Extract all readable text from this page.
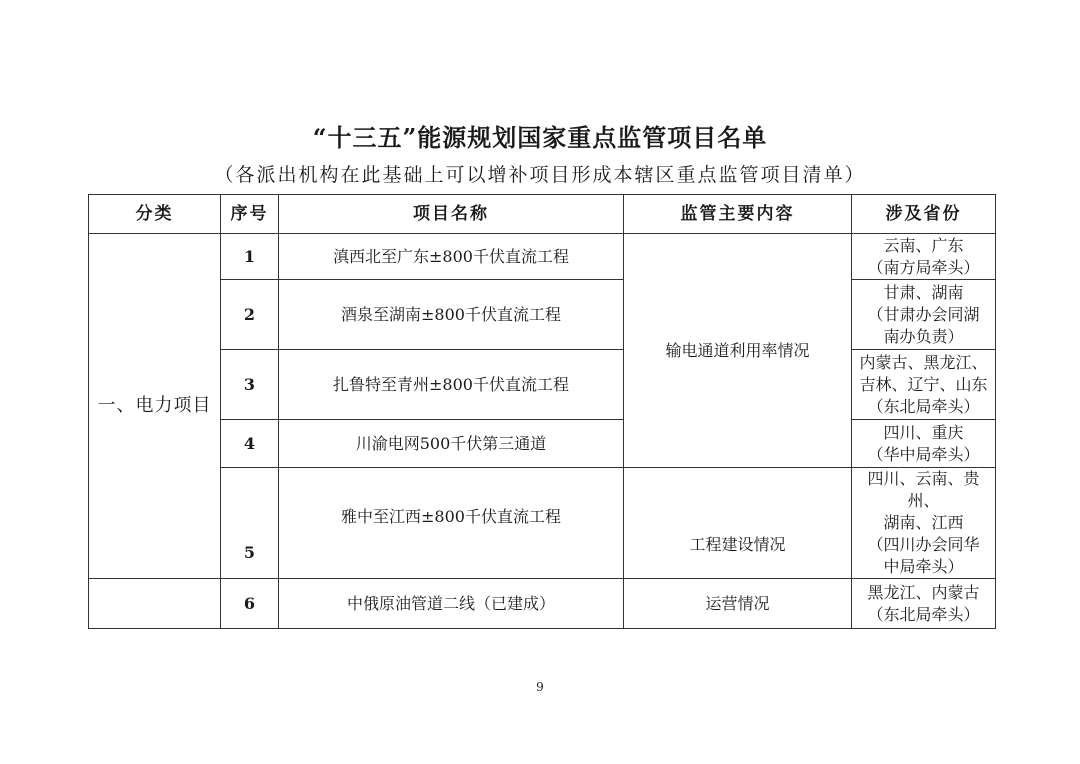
“十三五”能源规划国家重点监管项目名单
（各派出机构在此基础上可以增补项目形成本辖区重点监管项目清单）
分类	序号	项目名称	监管主要内容	涉及省份
一、电力项目	1	滇西北至广东±800千伏直流工程	输电通道利用率情况	云南、广东
（南方局牵头）
	2	酒泉至湖南±800千伏直流工程		甘肃、湖南
（甘肃办会同湖
南办负责）
	3	扎鲁特至青州±800千伏直流工程		内蒙古、黑龙江、
吉林、辽宁、山东
（东北局牵头）
	4	川渝电网500千伏第三通道		四川、重庆
（华中局牵头）
	5	雅中至江西±800千伏直流工程	工程建设情况	四川、云南、贵州、
湖南、江西
（四川办会同华
中局牵头）
	6	中俄原油管道二线（已建成）	运营情况	黑龙江、内蒙古
（东北局牵头）
9
